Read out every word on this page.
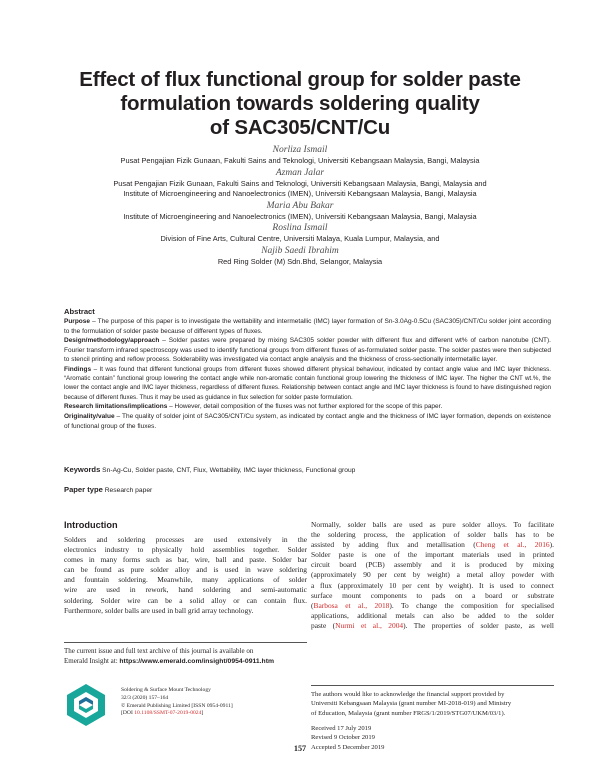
Effect of flux functional group for solder paste
formulation towards soldering quality
of SAC305/CNT/Cu
Norliza Ismail
Pusat Pengajian Fizik Gunaan, Fakulti Sains and Teknologi, Universiti Kebangsaan Malaysia, Bangi, Malaysia
Azman Jalar
Pusat Pengajian Fizik Gunaan, Fakulti Sains and Teknologi, Universiti Kebangsaan Malaysia, Bangi, Malaysia and
Institute of Microengineering and Nanoelectronics (IMEN), Universiti Kebangsaan Malaysia, Bangi, Malaysia
Maria Abu Bakar
Institute of Microengineering and Nanoelectronics (IMEN), Universiti Kebangsaan Malaysia, Bangi, Malaysia
Roslina Ismail
Division of Fine Arts, Cultural Centre, Universiti Malaya, Kuala Lumpur, Malaysia, and
Najib Saedi Ibrahim
Red Ring Solder (M) Sdn.Bhd, Selangor, Malaysia
Abstract

Purpose – The purpose of this paper is to investigate the wettability and intermetallic (IMC) layer formation of Sn-3.0Ag-0.5Cu (SAC305)/CNT/Cu solder joint according to the formulation of solder paste because of different types of fluxes.

Design/methodology/approach – Solder pastes were prepared by mixing SAC305 solder powder with different flux and different wt% of carbon nanotube (CNT). Fourier transform infrared spectroscopy was used to identify functional groups from different fluxes of as-formulated solder paste. The solder pastes were then subjected to stencil printing and reflow process. Solderability was investigated via contact angle analysis and the thickness of cross-sectionally intermetallic layer.

Findings – It was found that different functional groups from different fluxes showed different physical behaviour, indicated by contact angle value and IMC layer thickness. “Aromatic contain” functional group lowering the contact angle while non-aromatic contain functional group lowering the thickness of IMC layer. The higher the CNT wt.%, the lower the contact angle and IMC layer thickness, regardless of different fluxes. Relationship between contact angle and IMC layer thickness is found to have distinguished region because of different fluxes. Thus it may be used as guidance in flux selection for solder paste formulation.

Research limitations/implications – However, detail composition of the fluxes was not further explored for the scope of this paper.

Originality/value – The quality of solder joint of SAC305/CNT/Cu system, as indicated by contact angle and the thickness of IMC layer formation, depends on existence of functional group of the fluxes.

Keywords Sn-Ag-Cu, Solder paste, CNT, Flux, Wettability, IMC layer thickness, Functional group
Paper type Research paper
Introduction
Solders and soldering processes are used extensively in the
electronics industry to physically hold assemblies together. Solder
comes in many forms such as bar, wire, ball and paste. Solder bar
can be found as pure solder alloy and is used in wave soldering
and fountain soldering. Meanwhile, many applications of solder
wire are used in rework, hand soldering and semi-automatic
soldering. Solder wire can be a solid alloy or can contain flux.
Furthermore, solder balls are used in ball grid array technology.
Normally, solder balls are used as pure solder alloys. To facilitate
the soldering process, the application of solder balls has to be
assisted by adding flux and metallisation (Cheng et al., 2016).
Solder paste is one of the important materials used in printed
circuit board (PCB) assembly and it is produced by mixing
(approximately 90 per cent by weight) a metal alloy powder with
a flux (approximately 10 per cent by weight). It is used to connect
surface mount components to pads on a board or substrate
(Barbosa et al., 2018). To change the composition for specialised
applications, additional metals can also be added to the solder
paste (Nurmi et al., 2004). The properties of solder paste, as well
The current issue and full text archive of this journal is available on
Emerald Insight at: https://www.emerald.com/insight/0954-0911.htm
Soldering & Surface Mount Technology
32/3 (2020) 157–164
© Emerald Publishing Limited [ISSN 0954-0911]
[DOI 10.1108/SSMT-07-2019-0024]
The authors would like to acknowledge the financial support provided by
Universiti Kebangsaan Malaysia (grant number MI-2018-019) and Ministry
of Education, Malaysia (grant number FRGS/1/2019/STG07/UKM/03/1).
Received 17 July 2019
Revised 9 October 2019
Accepted 5 December 2019
157
